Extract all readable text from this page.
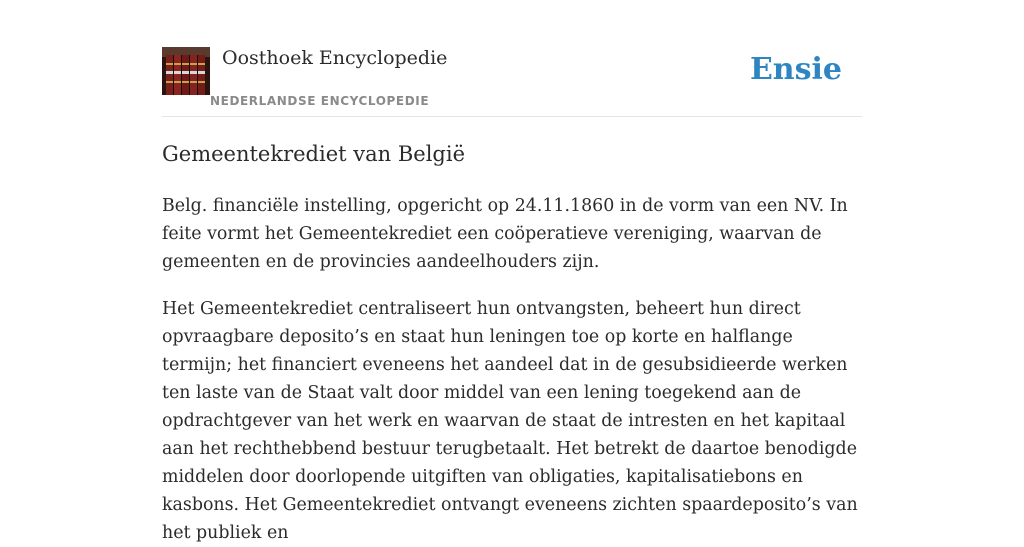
Oosthoek Encyclopedie
NEDERLANDSE ENCYCLOPEDIE
Ensie
Gemeentekrediet van België

Belg. financiële instelling, opgericht op 24.11.1860 in de vorm van een NV. In feite vormt het Gemeentekrediet een coöperatieve vereniging, waarvan de gemeenten en de provincies aandeelhouders zijn.

Het Gemeentekrediet centraliseert hun ontvangsten, beheert hun direct opvraagbare deposito’s en staat hun leningen toe op korte en halflange termijn; het financiert eveneens het aandeel dat in de gesubsidieerde werken ten laste van de Staat valt door middel van een lening toegekend aan de opdrachtgever van het werk en waarvan de staat de intresten en het kapitaal aan het rechthebbend bestuur terugbetaalt. Het betrekt de daartoe benodigde middelen door doorlopende uitgiften van obligaties, kapitalisatiebons en kasbons. Het Gemeentekrediet ontvangt eveneens zichten spaardeposito’s van het publiek en
